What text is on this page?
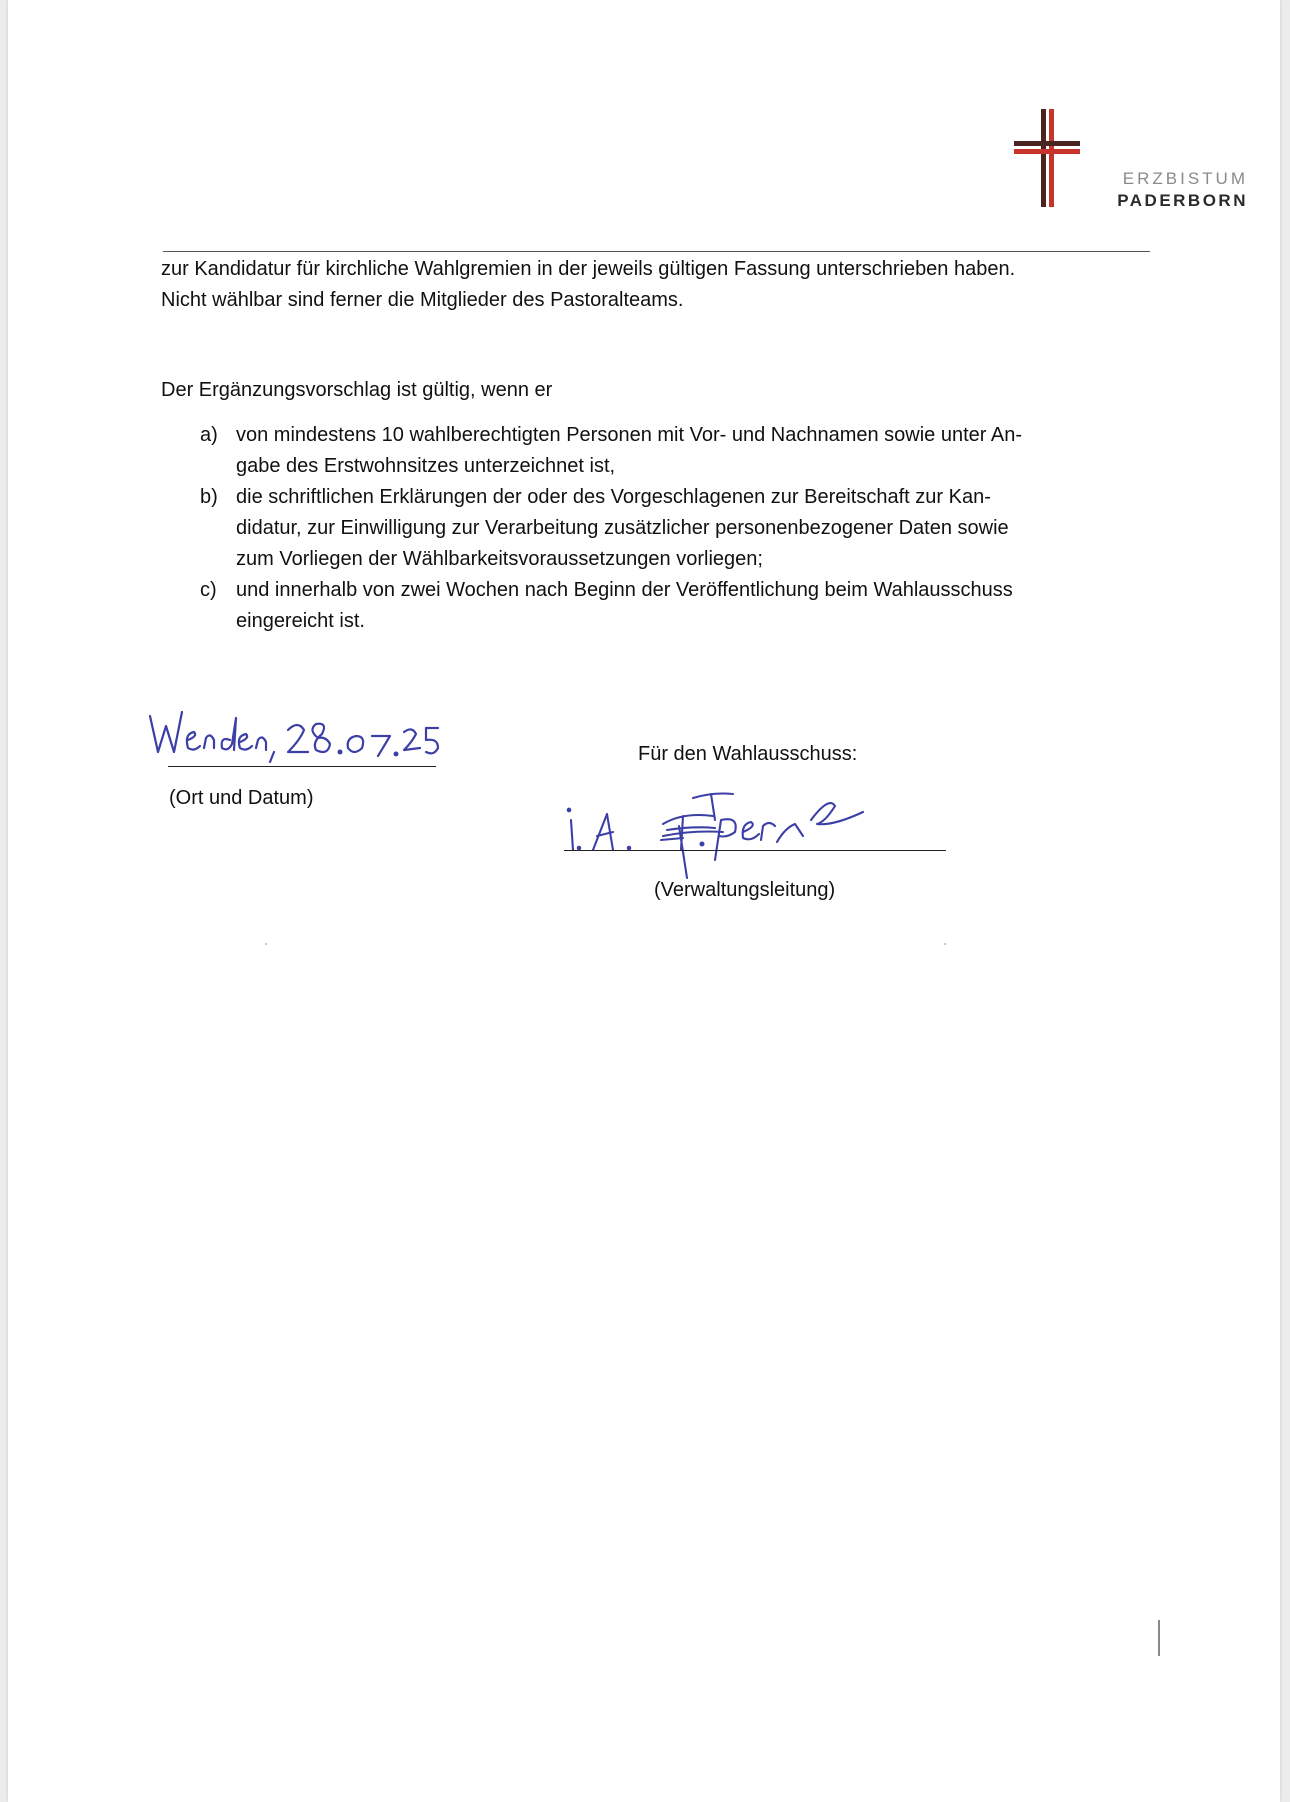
ERZBISTUM
PADERBORN
zur Kandidatur für kirchliche Wahlgremien in der jeweils gültigen Fassung unterschrieben haben.
Nicht wählbar sind ferner die Mitglieder des Pastoralteams.
Der Ergänzungsvorschlag ist gültig, wenn er
a) von mindestens 10 wahlberechtigten Personen mit Vor- und Nachnamen sowie unter An-
gabe des Erstwohnsitzes unterzeichnet ist,
b) die schriftlichen Erklärungen der oder des Vorgeschlagenen zur Bereitschaft zur Kan-
didatur, zur Einwilligung zur Verarbeitung zusätzlicher personenbezogener Daten sowie
zum Vorliegen der Wählbarkeitsvoraussetzungen vorliegen;
c) und innerhalb von zwei Wochen nach Beginn der Veröffentlichung beim Wahlausschuss
eingereicht ist.
(Ort und Datum)
Für den Wahlausschuss:
(Verwaltungsleitung)
